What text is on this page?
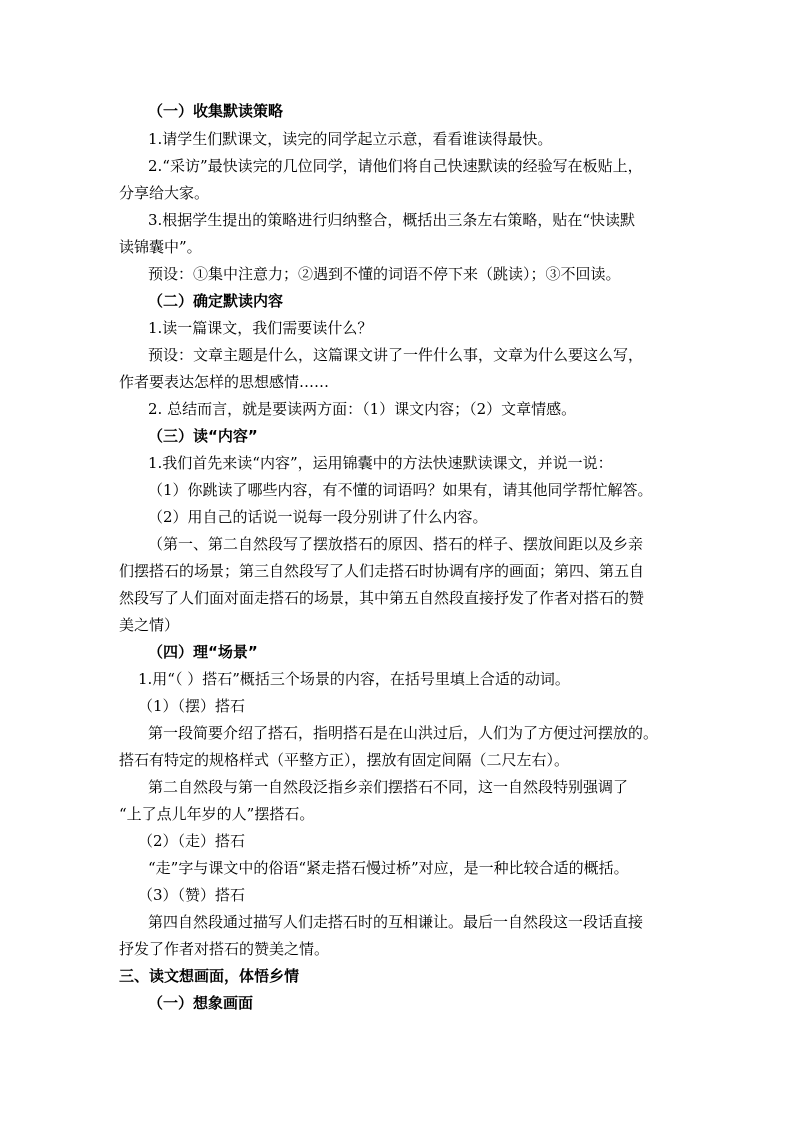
（一）收集默读策略
1.请学生们默课文，读完的同学起立示意，看看谁读得最快。
2.“采访”最快读完的几位同学，请他们将自己快速默读的经验写在板贴上，
分享给大家。
3.根据学生提出的策略进行归纳整合，概括出三条左右策略，贴在“快读默
读锦囊中”。
预设：①集中注意力；②遇到不懂的词语不停下来（跳读）；③不回读。
（二）确定默读内容
1.读一篇课文，我们需要读什么？
预设：文章主题是什么，这篇课文讲了一件什么事，文章为什么要这么写，
作者要表达怎样的思想感情……
2. 总结而言，就是要读两方面：（1）课文内容；（2）文章情感。
（三）读“内容”
1.我们首先来读“内容”，运用锦囊中的方法快速默读课文，并说一说：
（1）你跳读了哪些内容，有不懂的词语吗？如果有，请其他同学帮忙解答。
（2）用自己的话说一说每一段分别讲了什么内容。
（第一、第二自然段写了摆放搭石的原因、搭石的样子、摆放间距以及乡亲
们摆搭石的场景；第三自然段写了人们走搭石时协调有序的画面；第四、第五自
然段写了人们面对面走搭石的场景，其中第五自然段直接抒发了作者对搭石的赞
美之情）
（四）理“场景”
1.用“（ ）搭石”概括三个场景的内容，在括号里填上合适的动词。
（1）（摆）搭石
第一段简要介绍了搭石，指明搭石是在山洪过后，人们为了方便过河摆放的。
搭石有特定的规格样式（平整方正），摆放有固定间隔（二尺左右）。
第二自然段与第一自然段泛指乡亲们摆搭石不同，这一自然段特别强调了
“上了点儿年岁的人”摆搭石。
（2）（走）搭石
“走”字与课文中的俗语“紧走搭石慢过桥”对应，是一种比较合适的概括。
（3）（赞）搭石
第四自然段通过描写人们走搭石时的互相谦让。最后一自然段这一段话直接
抒发了作者对搭石的赞美之情。
三、读文想画面，体悟乡情
（一）想象画面
